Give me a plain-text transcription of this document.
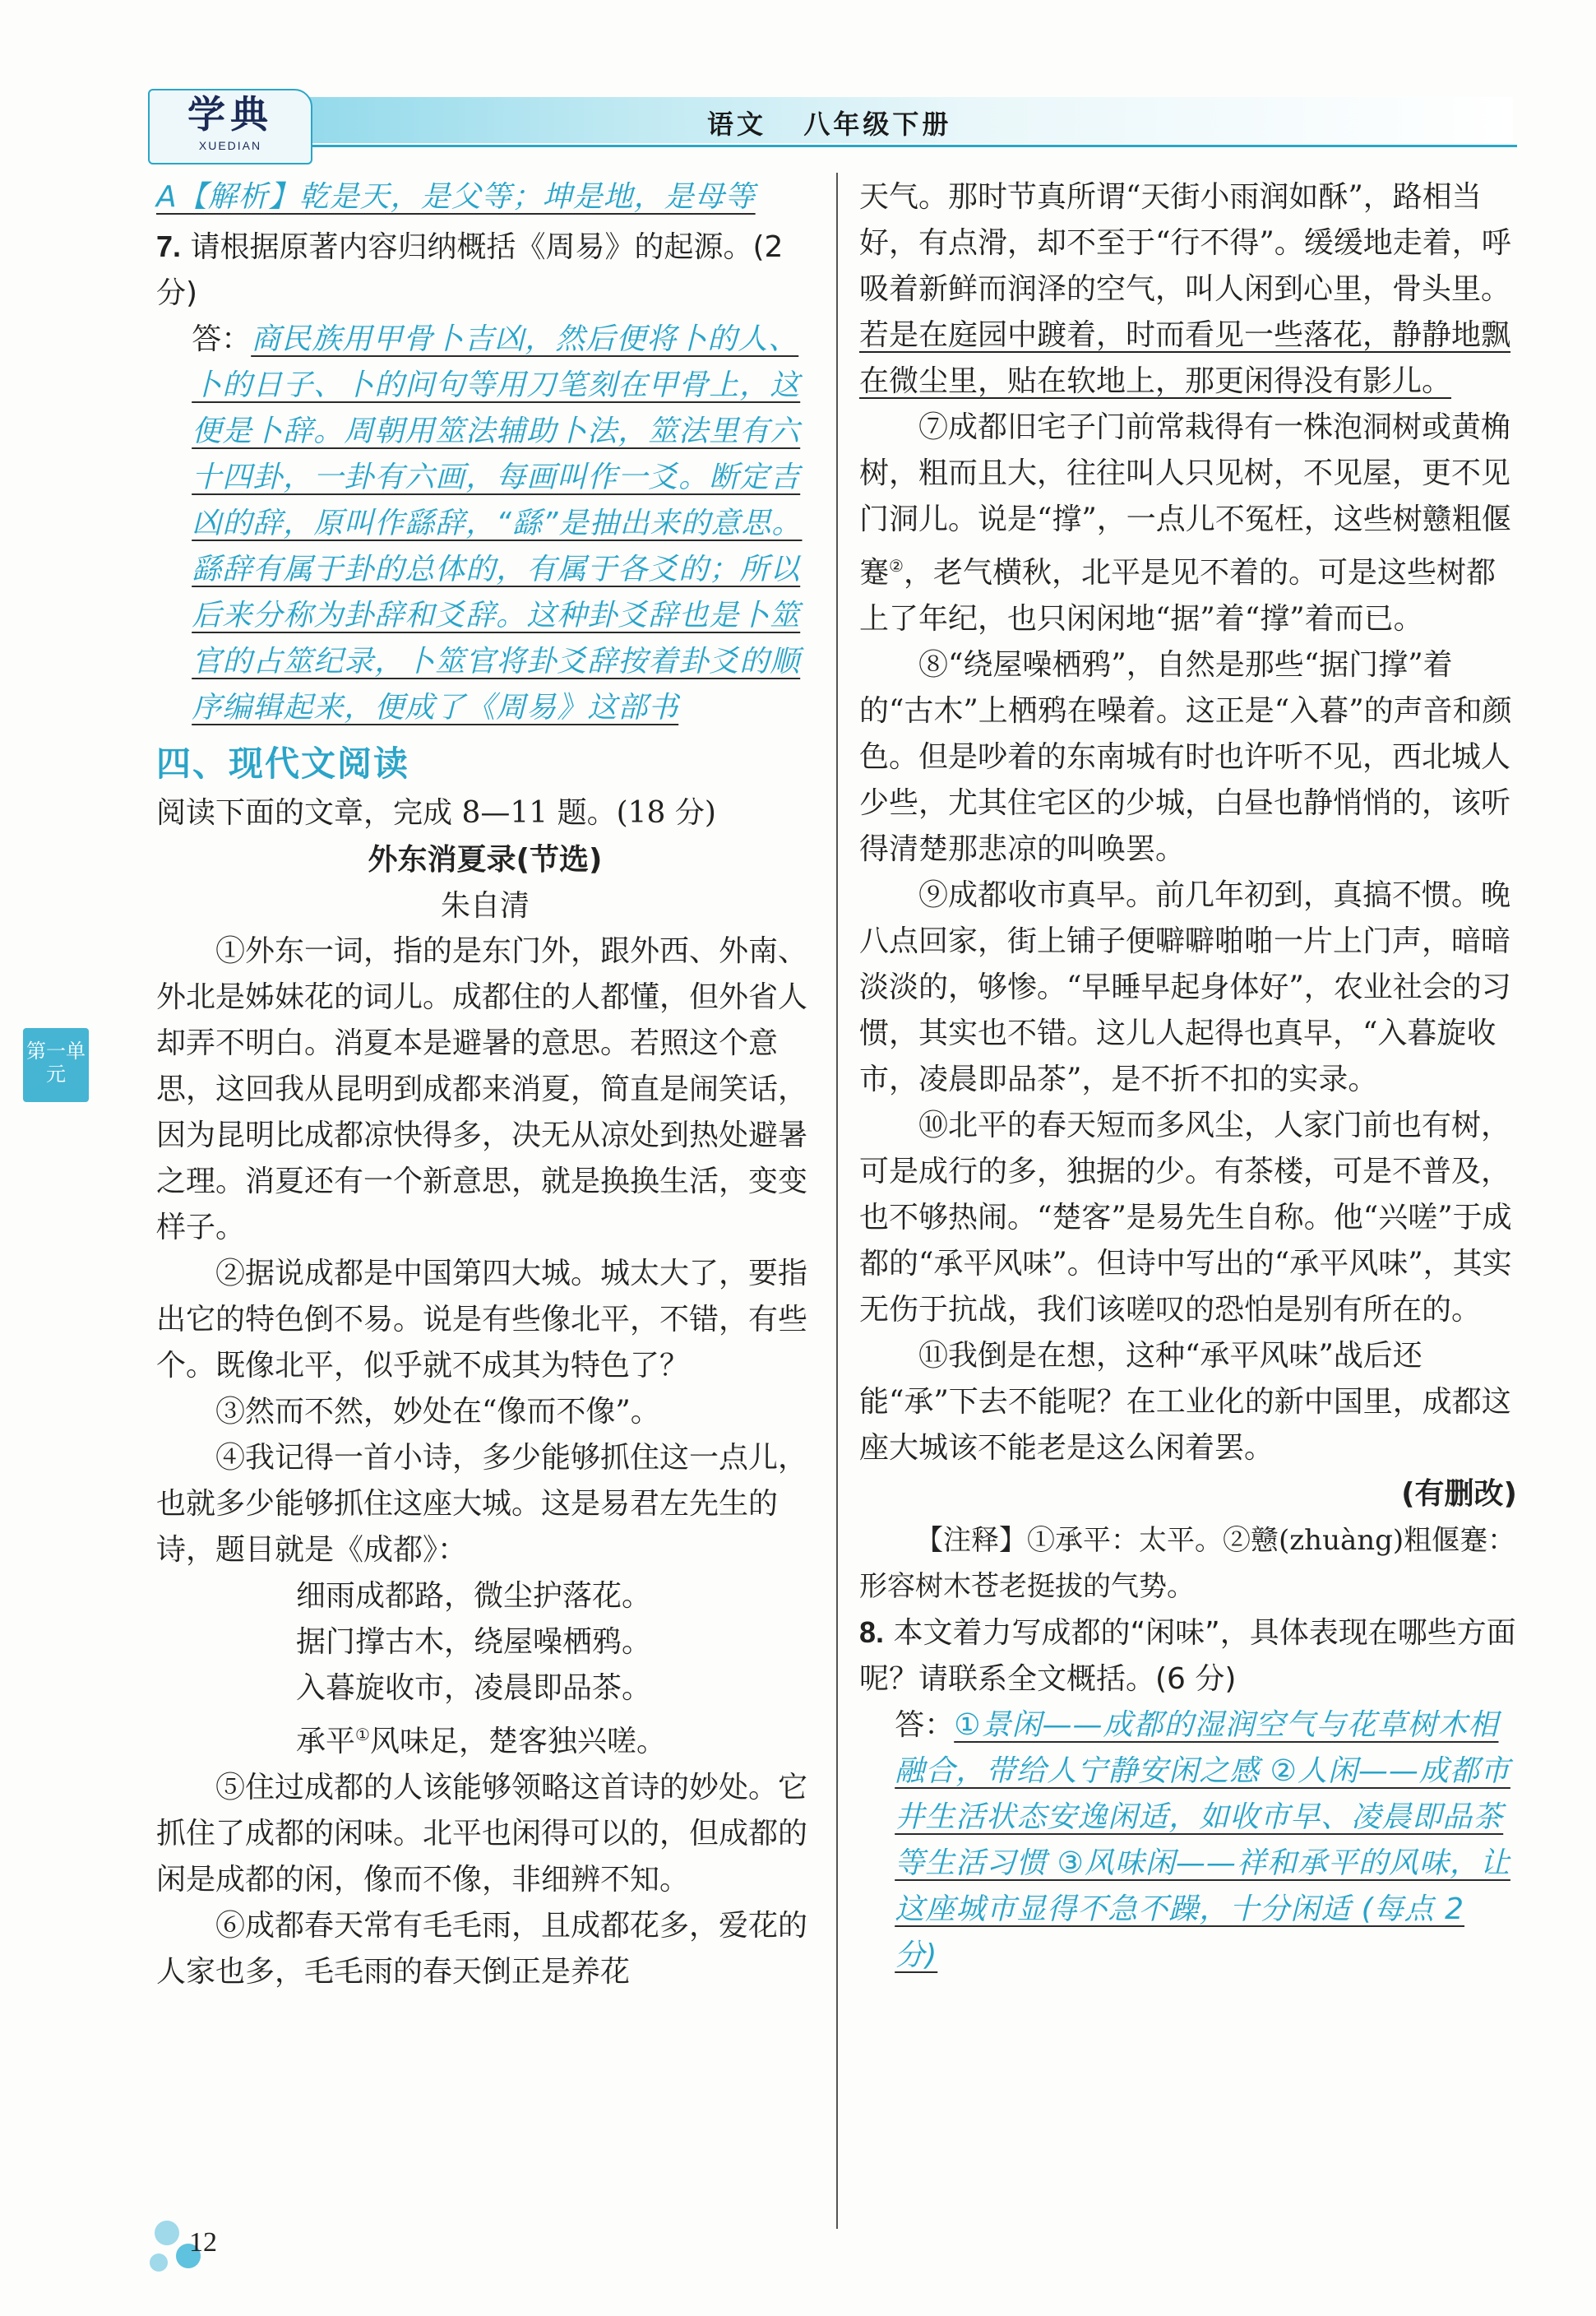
学典
XUEDIAN
语文   八年级下册
第一单元

A【解析】乾是天，是父等；坤是地，是母等

7. 请根据原著内容归纳概括《周易》的起源。(2 分)

答：商民族用甲骨卜吉凶，然后便将卜的人、卜的日子、卜的问句等用刀笔刻在甲骨上，这便是卜辞。周朝用筮法辅助卜法，筮法里有六十四卦，一卦有六画，每画叫作一爻。断定吉凶的辞，原叫作繇辞，“繇”是抽出来的意思。繇辞有属于卦的总体的，有属于各爻的；所以后来分称为卦辞和爻辞。这种卦爻辞也是卜筮官的占筮纪录，卜筮官将卦爻辞按着卦爻的顺序编辑起来，便成了《周易》这部书

四、现代文阅读

阅读下面的文章，完成 8—11 题。(18 分)

外东消夏录(节选)

朱自清

①外东一词，指的是东门外，跟外西、外南、外北是姊妹花的词儿。成都住的人都懂，但外省人却弄不明白。消夏本是避暑的意思。若照这个意思，这回我从昆明到成都来消夏，简直是闹笑话，因为昆明比成都凉快得多，决无从凉处到热处避暑之理。消夏还有一个新意思，就是换换生活，变变样子。

②据说成都是中国第四大城。城太大了，要指出它的特色倒不易。说是有些像北平，不错，有些个。既像北平，似乎就不成其为特色了？

③然而不然，妙处在“像而不像”。

④我记得一首小诗，多少能够抓住这一点儿，也就多少能够抓住这座大城。这是易君左先生的诗，题目就是《成都》：

细雨成都路，微尘护落花。

据门撑古木，绕屋噪栖鸦。

入暮旋收市，凌晨即品茶。

承平①风味足，楚客独兴嗟。

⑤住过成都的人该能够领略这首诗的妙处。它抓住了成都的闲味。北平也闲得可以的，但成都的闲是成都的闲，像而不像，非细辨不知。

⑥成都春天常有毛毛雨，且成都花多，爱花的人家也多，毛毛雨的春天倒正是养花

天气。那时节真所谓“天街小雨润如酥”，路相当好，有点滑，却不至于“行不得”。缓缓地走着，呼吸着新鲜而润泽的空气，叫人闲到心里，骨头里。若是在庭园中踱着，时而看见一些落花，静静地飘在微尘里，贴在软地上，那更闲得没有影儿。

⑦成都旧宅子门前常栽得有一株泡洞树或黄桷树，粗而且大，往往叫人只见树，不见屋，更不见门洞儿。说是“撑”，一点儿不冤枉，这些树戆粗偃蹇②，老气横秋，北平是见不着的。可是这些树都上了年纪，也只闲闲地“据”着“撑”着而已。

⑧“绕屋噪栖鸦”，自然是那些“据门撑”着的“古木”上栖鸦在噪着。这正是“入暮”的声音和颜色。但是吵着的东南城有时也许听不见，西北城人少些，尤其住宅区的少城，白昼也静悄悄的，该听得清楚那悲凉的叫唤罢。

⑨成都收市真早。前几年初到，真搞不惯。晚八点回家，街上铺子便噼噼啪啪一片上门声，暗暗淡淡的，够惨。“早睡早起身体好”，农业社会的习惯，其实也不错。这儿人起得也真早，“入暮旋收市，凌晨即品茶”，是不折不扣的实录。

⑩北平的春天短而多风尘，人家门前也有树，可是成行的多，独据的少。有茶楼，可是不普及，也不够热闹。“楚客”是易先生自称。他“兴嗟”于成都的“承平风味”。但诗中写出的“承平风味”，其实无伤于抗战，我们该嗟叹的恐怕是别有所在的。

⑪我倒是在想，这种“承平风味”战后还能“承”下去不能呢？在工业化的新中国里，成都这座大城该不能老是这么闲着罢。

(有删改)

【注释】①承平：太平。②戆(zhuàng)粗偃蹇：形容树木苍老挺拔的气势。

8. 本文着力写成都的“闲味”，具体表现在哪些方面呢？请联系全文概括。(6 分)

答：①景闲——成都的湿润空气与花草树木相融合，带给人宁静安闲之感 ②人闲——成都市井生活状态安逸闲适，如收市早、凌晨即品茶等生活习惯 ③风味闲——祥和承平的风味，让这座城市显得不急不躁，十分闲适 (每点 2 分)

12
